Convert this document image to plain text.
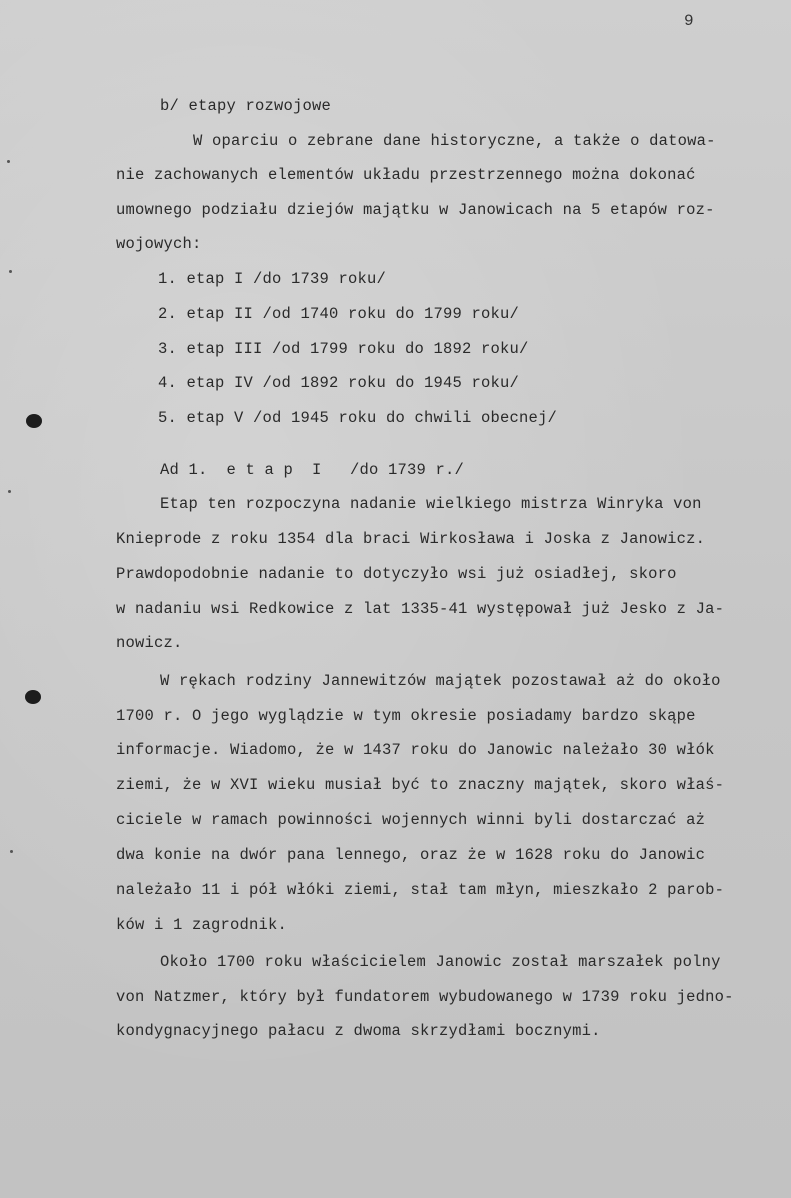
9
b/ etapy rozwojowe
W oparciu o zebrane dane historyczne, a także o datowa-
nie zachowanych elementów układu przestrzennego można dokonać
umownego podziału dziejów majątku w Janowicach na 5 etapów roz-
wojowych:
1. etap I /do 1739 roku/
2. etap II /od 1740 roku do 1799 roku/
3. etap III /od 1799 roku do 1892 roku/
4. etap IV /od 1892 roku do 1945 roku/
5. etap V /od 1945 roku do chwili obecnej/
Ad 1.  e t a p  I   /do 1739 r./
Etap ten rozpoczyna nadanie wielkiego mistrza Winryka von
Knieprode z roku 1354 dla braci Wirkosława i Joska z Janowicz.
Prawdopodobnie nadanie to dotyczyło wsi już osiadłej, skoro
w nadaniu wsi Redkowice z lat 1335-41 występował już Jesko z Ja-
nowicz.
W rękach rodziny Jannewitzów majątek pozostawał aż do około
1700 r. O jego wyglądzie w tym okresie posiadamy bardzo skąpe
informacje. Wiadomo, że w 1437 roku do Janowic należało 30 włók
ziemi, że w XVI wieku musiał być to znaczny majątek, skoro właś-
ciciele w ramach powinności wojennych winni byli dostarczać aż
dwa konie na dwór pana lennego, oraz że w 1628 roku do Janowic
należało 11 i pół włóki ziemi, stał tam młyn, mieszkało 2 parob-
ków i 1 zagrodnik.
Około 1700 roku właścicielem Janowic został marszałek polny
von Natzmer, który był fundatorem wybudowanego w 1739 roku jedno-
kondygnacyjnego pałacu z dwoma skrzydłami bocznymi.
